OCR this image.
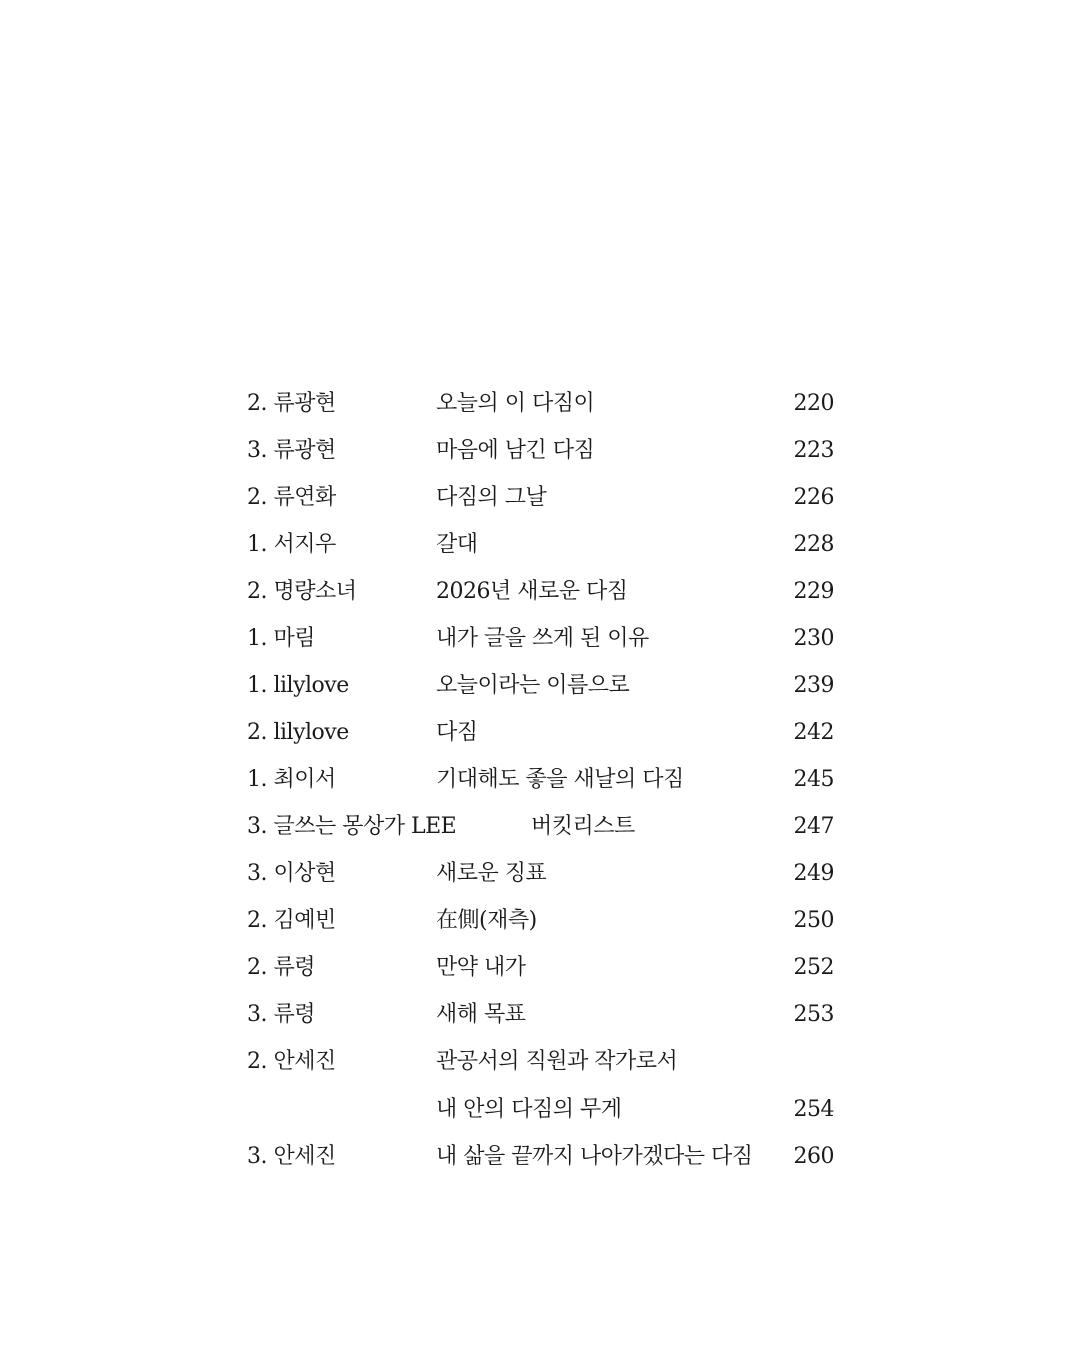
2. 류광현	오늘의 이 다짐이	220
3. 류광현	마음에 남긴 다짐	223
2. 류연화	다짐의 그날	226
1. 서지우	갈대	228
2. 명량소녀	2026년 새로운 다짐	229
1. 마림	내가 글을 쓰게 된 이유	230
1. lilylove	오늘이라는 이름으로	239
2. lilylove	다짐	242
1. 최이서	기대해도 좋을 새날의 다짐	245
3. 글쓰는 몽상가 LEE	버킷리스트	247
3. 이상현	새로운 징표	249
2. 김예빈	在側(재측)	250
2. 류령	만약 내가	252
3. 류령	새해 목표	253
2. 안세진	관공서의 직원과 작가로서
내 안의 다짐의 무게	254
3. 안세진	내 삶을 끝까지 나아가겠다는 다짐 260
